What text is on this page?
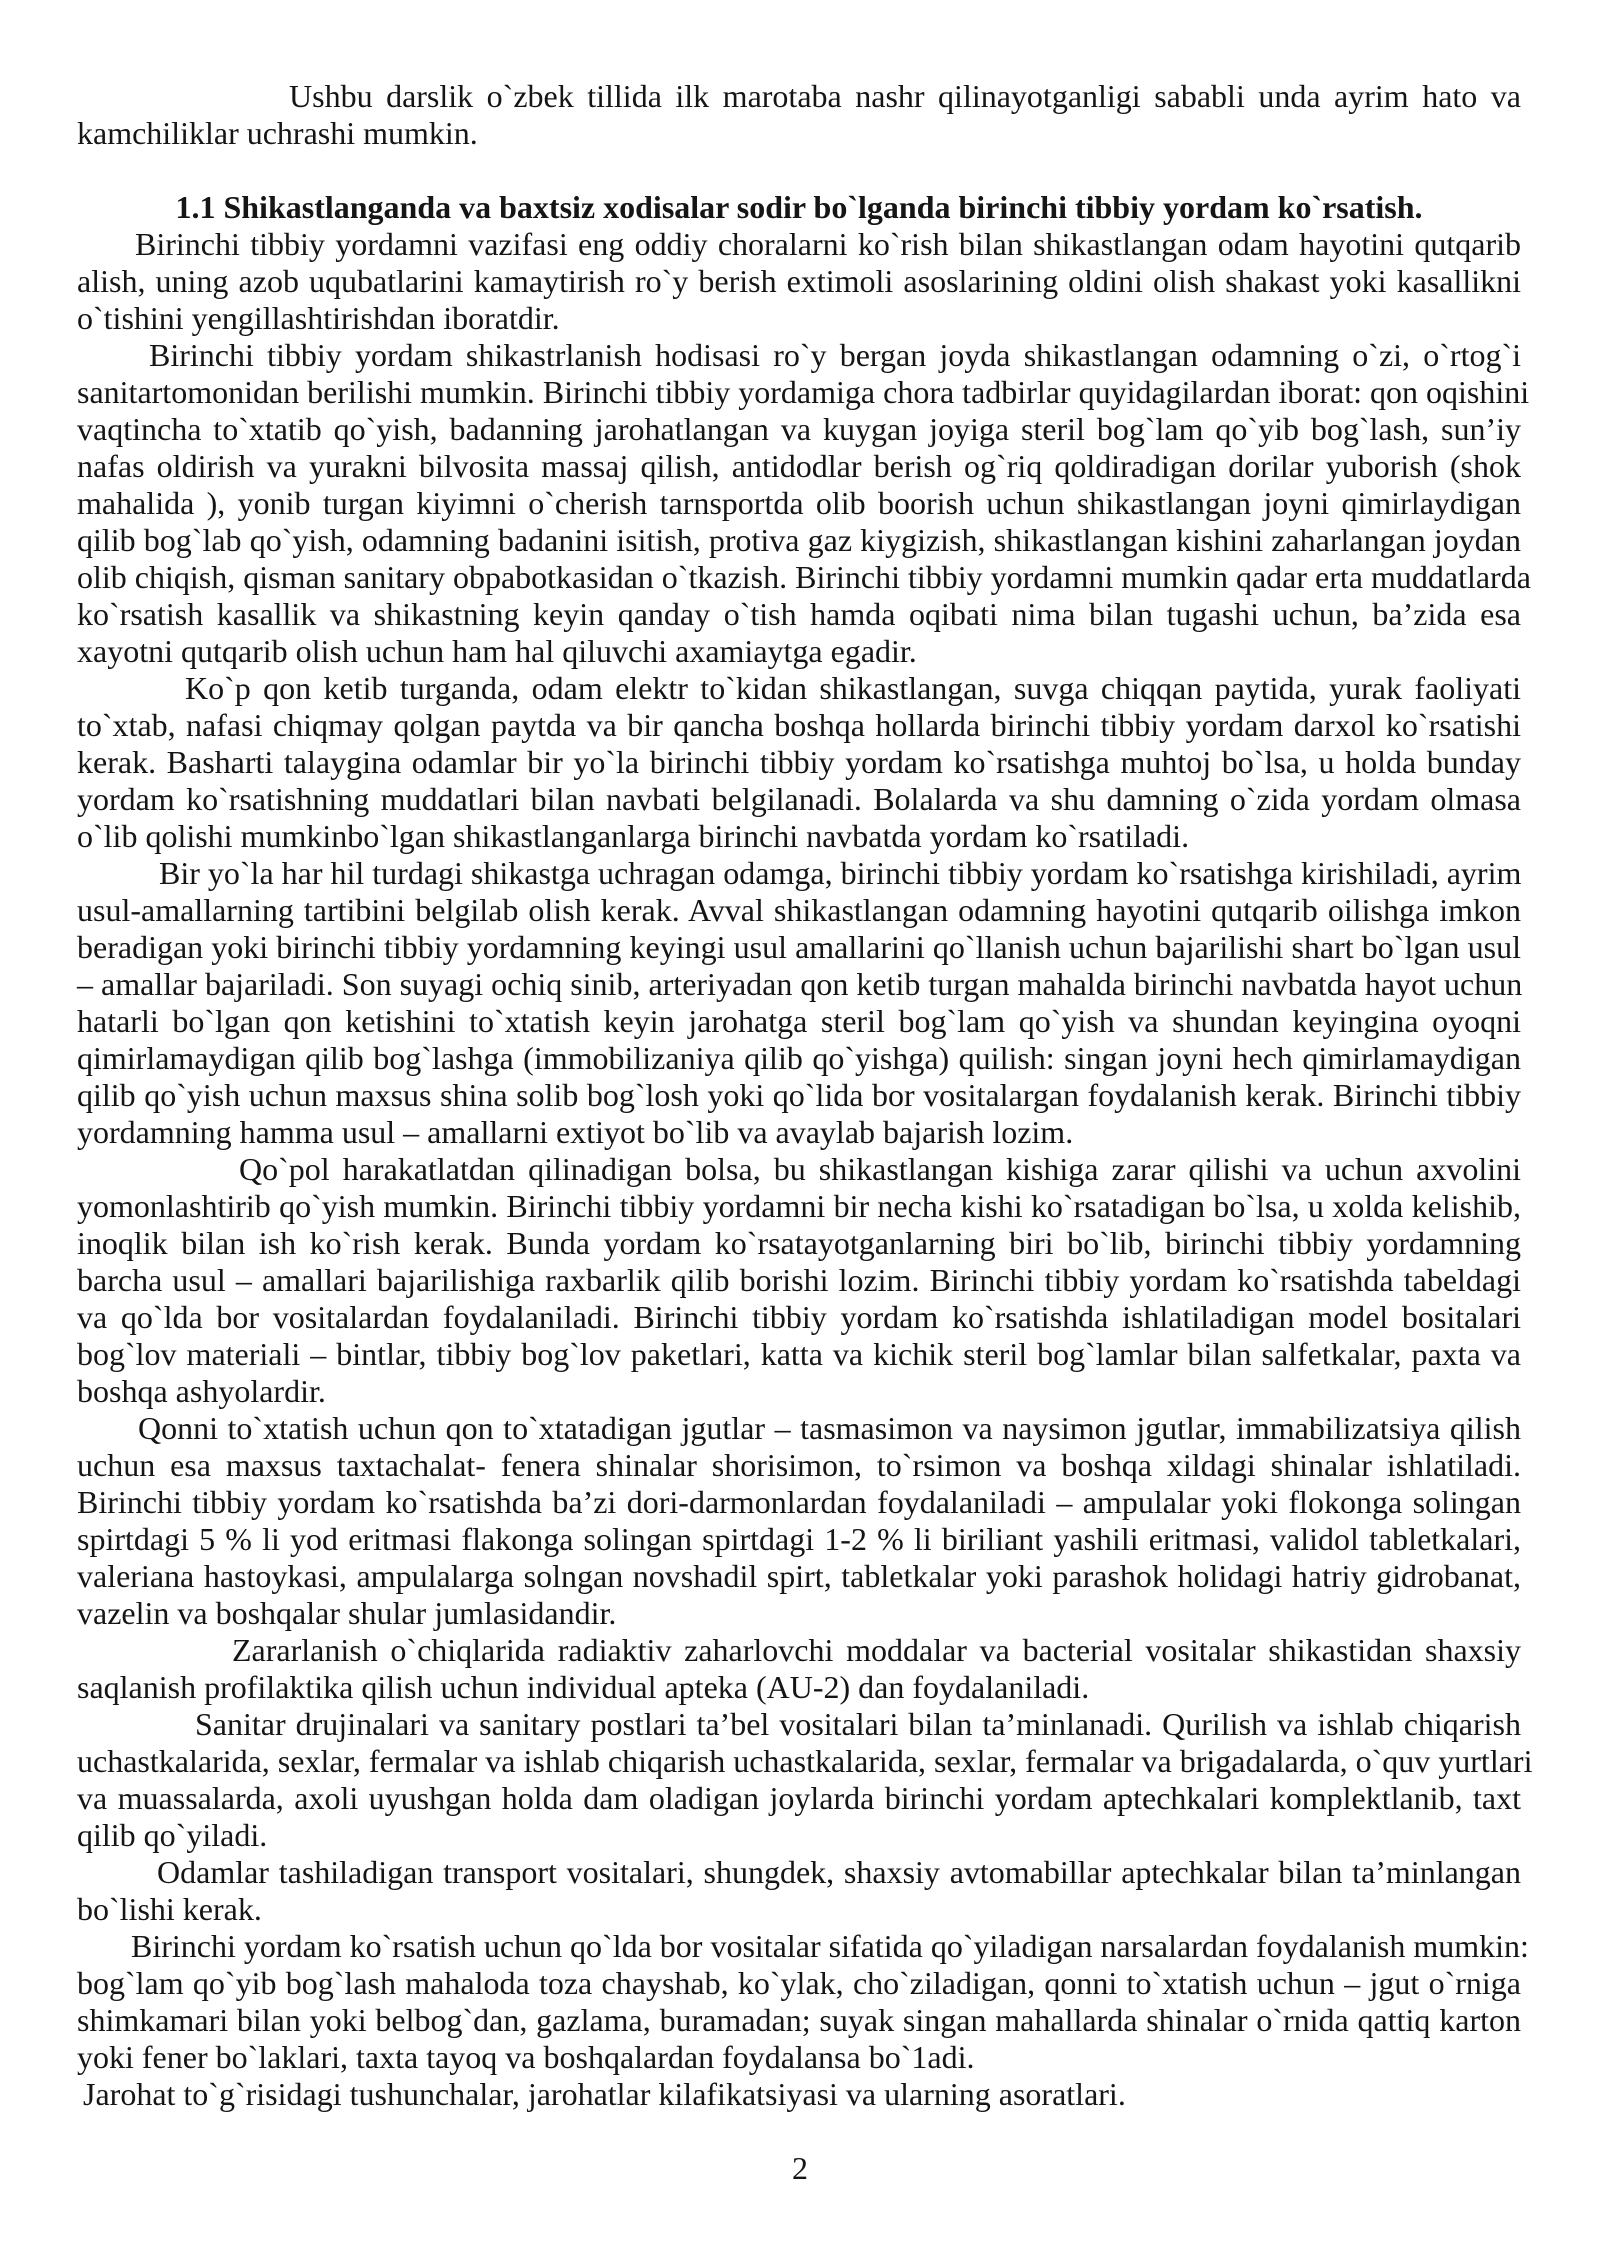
Ushbu darslik o`zbek tillida ilk marotaba nashr qilinayotganligi sababli unda ayrim hato va
kamchiliklar uchrashi mumkin.
1.1 Shikastlanganda va baxtsiz xodisalar sodir bo`lganda birinchi tibbiy yordam ko`rsatish.
Birinchi tibbiy yordamni vazifasi eng oddiy choralarni ko`rish bilan shikastlangan odam hayotini qutqarib
alish, uning azob uqubatlarini kamaytirish ro`y berish extimoli asoslarining oldini olish shakast yoki kasallikni
o`tishini yengillashtirishdan iboratdir.
Birinchi tibbiy yordam shikastrlanish hodisasi ro`y bergan joyda shikastlangan odamning o`zi, o`rtog`i
sanitartomonidan berilishi mumkin. Birinchi tibbiy yordamiga chora tadbirlar quyidagilardan iborat: qon oqishini
vaqtincha to`xtatib qo`yish, badanning jarohatlangan va kuygan joyiga steril bog`lam qo`yib bog`lash, sun’iy
nafas oldirish va yurakni bilvosita massaj qilish, antidodlar berish og`riq qoldiradigan dorilar yuborish (shok
mahalida ), yonib turgan kiyimni o`cherish tarnsportda olib boorish uchun shikastlangan joyni qimirlaydigan
qilib bog`lab qo`yish, odamning badanini isitish, protiva gaz kiygizish, shikastlangan kishini zaharlangan joydan
olib chiqish, qisman sanitary obpabotkasidan o`tkazish. Birinchi tibbiy yordamni mumkin qadar erta muddatlarda
ko`rsatish kasallik va shikastning keyin qanday o`tish hamda oqibati nima bilan tugashi uchun, ba’zida esa
xayotni qutqarib olish uchun ham hal qiluvchi axamiaytga egadir.
Ko`p qon ketib turganda, odam elektr to`kidan shikastlangan, suvga chiqqan paytida, yurak faoliyati
to`xtab, nafasi chiqmay qolgan paytda va bir qancha boshqa hollarda birinchi tibbiy yordam darxol ko`rsatishi
kerak. Basharti talaygina odamlar bir yo`la birinchi tibbiy yordam ko`rsatishga muhtoj bo`lsa, u holda bunday
yordam ko`rsatishning muddatlari bilan navbati belgilanadi. Bolalarda va shu damning o`zida yordam olmasa
o`lib qolishi mumkinbo`lgan shikastlanganlarga birinchi navbatda yordam ko`rsatiladi.
Bir yo`la har hil turdagi shikastga uchragan odamga, birinchi tibbiy yordam ko`rsatishga kirishiladi, ayrim
usul-amallarning tartibini belgilab olish kerak. Avval shikastlangan odamning hayotini qutqarib oilishga imkon
beradigan yoki birinchi tibbiy yordamning keyingi usul amallarini qo`llanish uchun bajarilishi shart bo`lgan usul
– amallar bajariladi. Son suyagi ochiq sinib, arteriyadan qon ketib turgan mahalda birinchi navbatda hayot uchun
hatarli bo`lgan qon ketishini to`xtatish keyin jarohatga steril bog`lam qo`yish va shundan keyingina oyoqni
qimirlamaydigan qilib bog`lashga (immobilizaniya qilib qo`yishga) quilish: singan joyni hech qimirlamaydigan
qilib qo`yish uchun maxsus shina solib bog`losh yoki qo`lida bor vositalargan foydalanish kerak. Birinchi tibbiy
yordamning hamma usul – amallarni extiyot bo`lib va avaylab bajarish lozim.
Qo`pol harakatlatdan qilinadigan bolsa, bu shikastlangan kishiga zarar qilishi va uchun axvolini
yomonlashtirib qo`yish mumkin. Birinchi tibbiy yordamni bir necha kishi ko`rsatadigan bo`lsa, u xolda kelishib,
inoqlik bilan ish ko`rish kerak. Bunda yordam ko`rsatayotganlarning biri bo`lib, birinchi tibbiy yordamning
barcha usul – amallari bajarilishiga raxbarlik qilib borishi lozim. Birinchi tibbiy yordam ko`rsatishda tabeldagi
va qo`lda bor vositalardan foydalaniladi. Birinchi tibbiy yordam ko`rsatishda ishlatiladigan model bositalari
bog`lov materiali – bintlar, tibbiy bog`lov paketlari, katta va kichik steril bog`lamlar bilan salfetkalar, paxta va
boshqa ashyolardir.
Qonni to`xtatish uchun qon to`xtatadigan jgutlar – tasmasimon va naysimon jgutlar, immabilizatsiya qilish
uchun esa maxsus taxtachalat- fenera shinalar shorisimon, to`rsimon va boshqa xildagi shinalar ishlatiladi.
Birinchi tibbiy yordam ko`rsatishda ba’zi dori-darmonlardan foydalaniladi – ampulalar yoki flokonga solingan
spirtdagi 5 % li yod eritmasi flakonga solingan spirtdagi 1-2 % li biriliant yashili eritmasi, validol tabletkalari,
valeriana hastoykasi, ampulalarga solngan novshadil spirt, tabletkalar yoki parashok holidagi hatriy gidrobanat,
vazelin va boshqalar shular jumlasidandir.
Zararlanish o`chiqlarida radiaktiv zaharlovchi moddalar va bacterial vositalar shikastidan shaxsiy
saqlanish profilaktika qilish uchun individual apteka (AU-2) dan foydalaniladi.
Sanitar drujinalari va sanitary postlari ta’bel vositalari bilan ta’minlanadi. Qurilish va ishlab chiqarish
uchastkalarida, sexlar, fermalar va ishlab chiqarish uchastkalarida, sexlar, fermalar va brigadalarda, o`quv yurtlari
va muassalarda, axoli uyushgan holda dam oladigan joylarda birinchi yordam aptechkalari komplektlanib, taxt
qilib qo`yiladi.
Odamlar tashiladigan transport vositalari, shungdek, shaxsiy avtomabillar aptechkalar bilan ta’minlangan
bo`lishi kerak.
Birinchi yordam ko`rsatish uchun qo`lda bor vositalar sifatida qo`yiladigan narsalardan foydalanish mumkin:
bog`lam qo`yib bog`lash mahaloda toza chayshab, ko`ylak, cho`ziladigan, qonni to`xtatish uchun – jgut o`rniga
shimkamari bilan yoki belbog`dan, gazlama, buramadan; suyak singan mahallarda shinalar o`rnida qattiq karton
yoki fener bo`laklari, taxta tayoq va boshqalardan foydalansa bo`1adi.
Jarohat to`g`risidagi tushunchalar, jarohatlar kilafikatsiyasi va ularning asoratlari.
2
